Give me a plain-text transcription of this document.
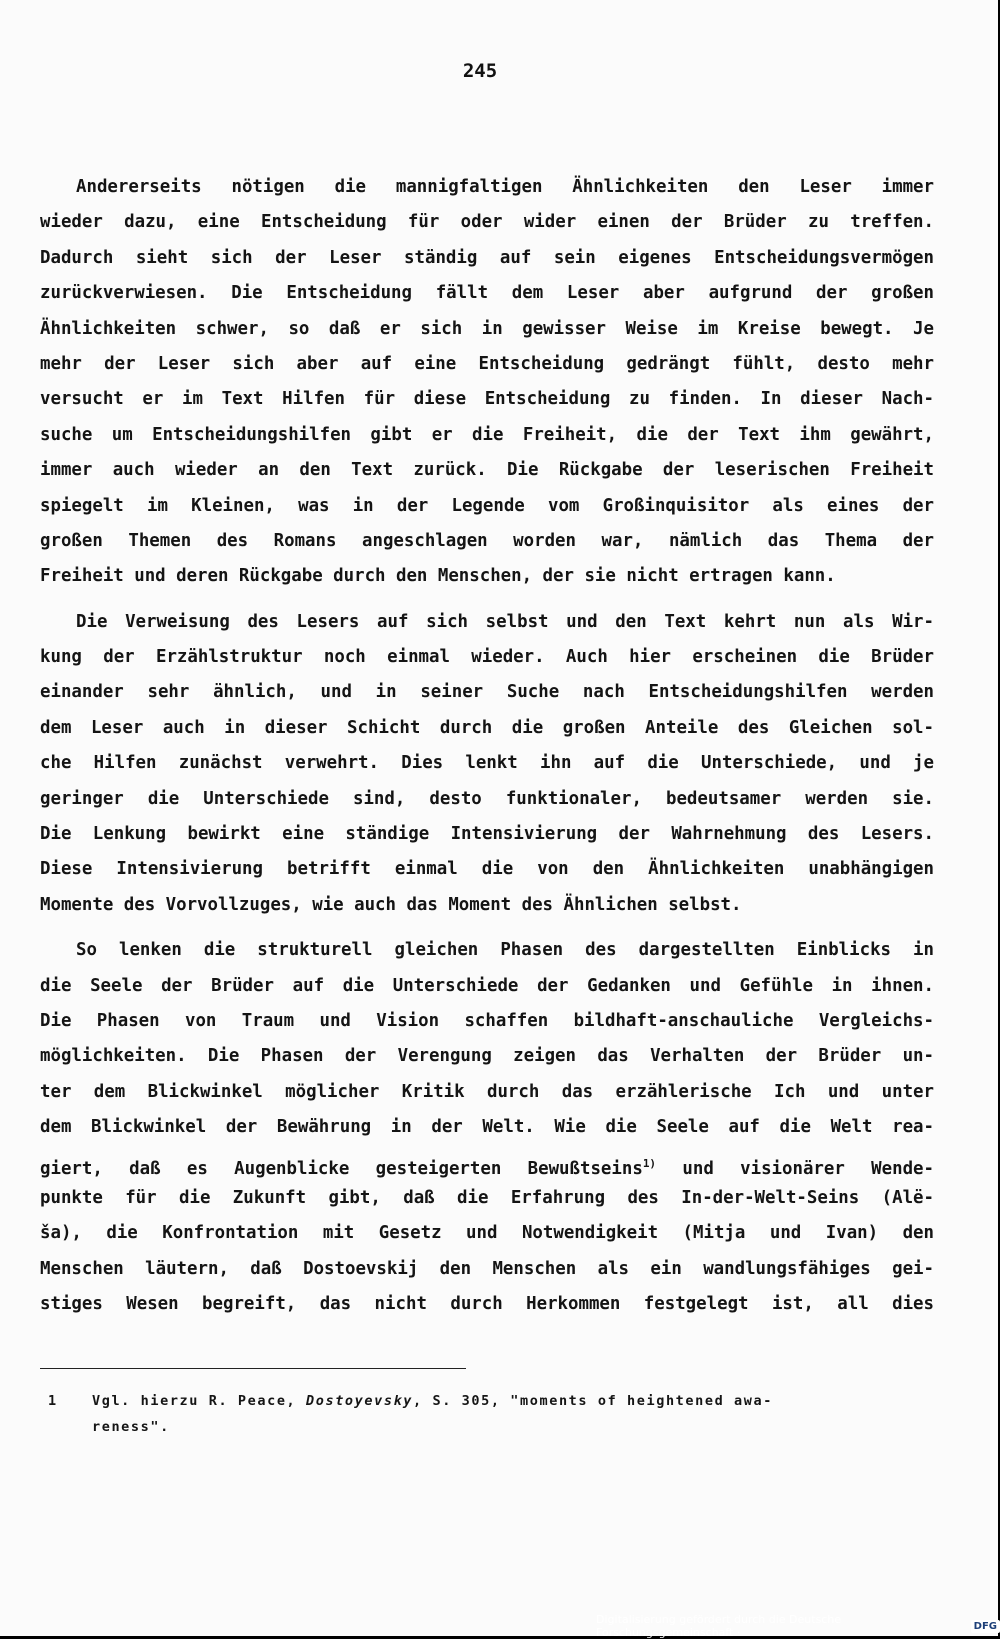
245
Andererseits nötigen die mannigfaltigen Ähnlichkeiten den Leser immer
wieder dazu, eine Entscheidung für oder wider einen der Brüder zu treffen.
Dadurch sieht sich der Leser ständig auf sein eigenes Entscheidungsvermögen
zurückverwiesen. Die Entscheidung fällt dem Leser aber aufgrund der großen
Ähnlichkeiten schwer, so daß er sich in gewisser Weise im Kreise bewegt. Je
mehr der Leser sich aber auf eine Entscheidung gedrängt fühlt, desto mehr
versucht er im Text Hilfen für diese Entscheidung zu finden. In dieser Nach-
suche um Entscheidungshilfen gibt er die Freiheit, die der Text ihm gewährt,
immer auch wieder an den Text zurück. Die Rückgabe der leserischen Freiheit
spiegelt im Kleinen, was in der Legende vom Großinquisitor als eines der
großen Themen des Romans angeschlagen worden war, nämlich das Thema der
Freiheit und deren Rückgabe durch den Menschen, der sie nicht ertragen kann.
Die Verweisung des Lesers auf sich selbst und den Text kehrt nun als Wir-
kung der Erzählstruktur noch einmal wieder. Auch hier erscheinen die Brüder
einander sehr ähnlich, und in seiner Suche nach Entscheidungshilfen werden
dem Leser auch in dieser Schicht durch die großen Anteile des Gleichen sol-
che Hilfen zunächst verwehrt. Dies lenkt ihn auf die Unterschiede, und je
geringer die Unterschiede sind, desto funktionaler, bedeutsamer werden sie.
Die Lenkung bewirkt eine ständige Intensivierung der Wahrnehmung des Lesers.
Diese Intensivierung betrifft einmal die von den Ähnlichkeiten unabhängigen
Momente des Vorvollzuges, wie auch das Moment des Ähnlichen selbst.
So lenken die strukturell gleichen Phasen des dargestellten Einblicks in
die Seele der Brüder auf die Unterschiede der Gedanken und Gefühle in ihnen.
Die Phasen von Traum und Vision schaffen bildhaft-anschauliche Vergleichs-
möglichkeiten. Die Phasen der Verengung zeigen das Verhalten der Brüder un-
ter dem Blickwinkel möglicher Kritik durch das erzählerische Ich und unter
dem Blickwinkel der Bewährung in der Welt. Wie die Seele auf die Welt rea-
giert, daß es Augenblicke gesteigerten Bewußtseins$^{1)}$ und visionärer Wende-
punkte für die Zukunft gibt, daß die Erfahrung des In-der-Welt-Seins (Alë-
ša), die Konfrontation mit Gesetz und Notwendigkeit (Mitja und Ivan) den
Menschen läutern, daß Dostoevskij den Menschen als ein wandlungsfähiges gei-
stiges Wesen begreift, das nicht durch Herkommen festgelegt ist, all dies
1	Vgl. hierzu R. Peace, Dostoyevsky, S. 305, "moments of heightened awa-
reness".
Digitalisierung gefördert durch die Deutsche Forschungsgemeinschaft ·	DFG
